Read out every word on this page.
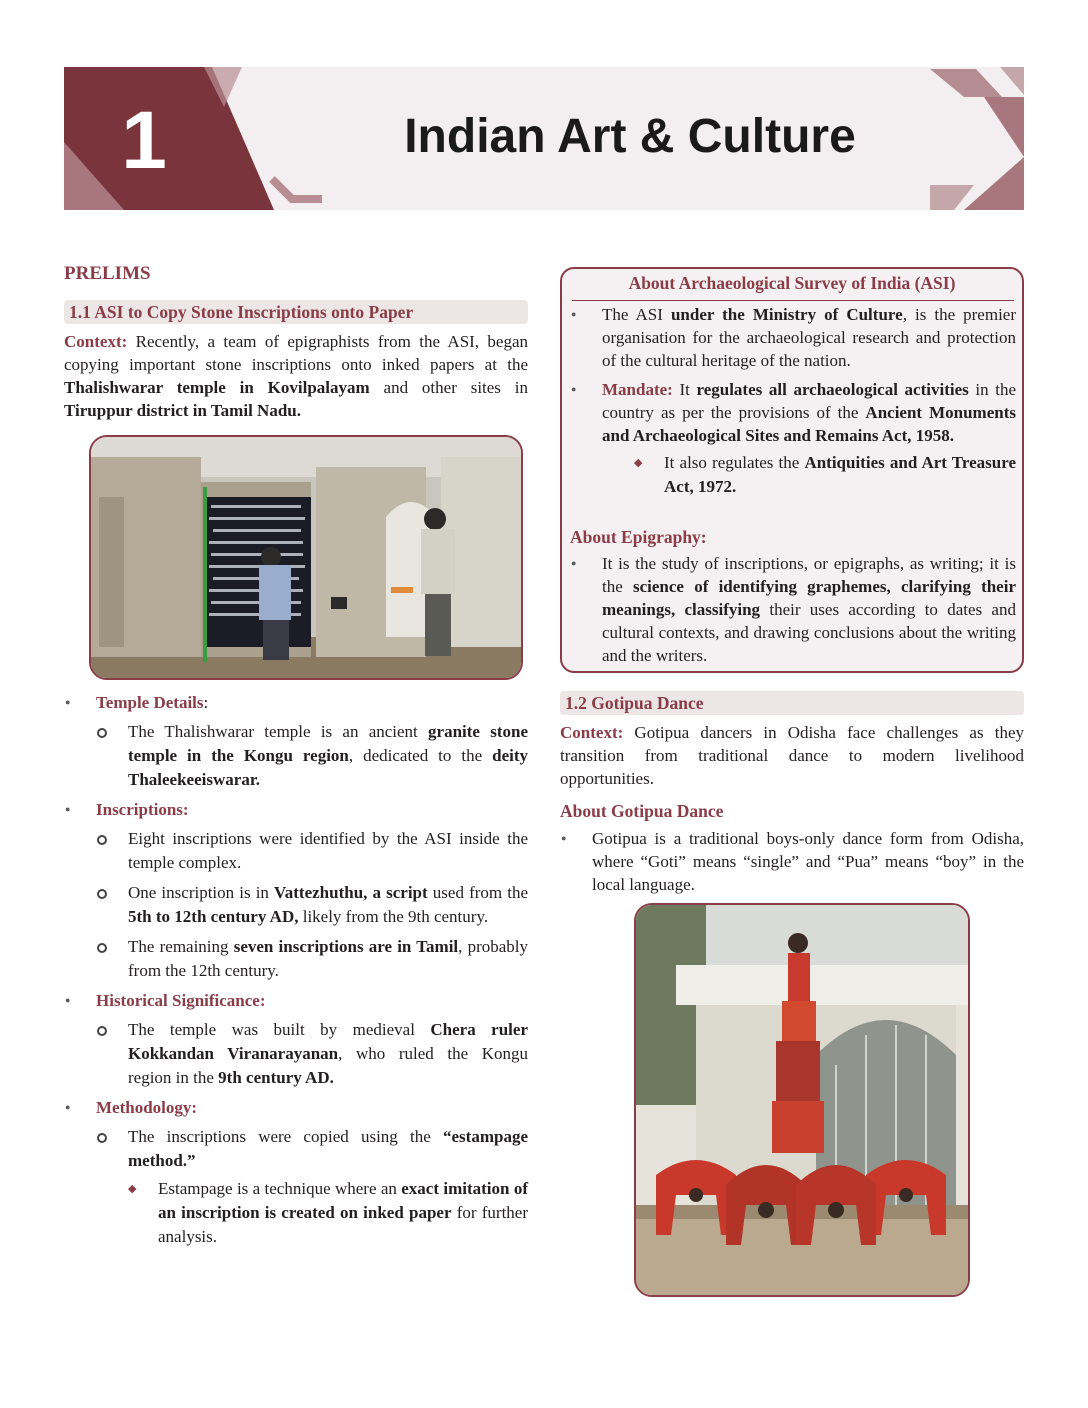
1	Indian Art & Culture
PRELIMS
1.1 ASI to Copy Stone Inscriptions onto Paper

Context: Recently, a team of epigraphists from the ASI, began copying important stone inscriptions onto inked papers at the Thalishwarar temple in Kovilpalayam and other sites in Tiruppur district in Tamil Nadu.

● Temple Details:
The Thalishwarar temple is an ancient granite stone temple in the Kongu region, dedicated to the deity Thaleekeeiswarar.
● Inscriptions:
Eight inscriptions were identified by the ASI inside the temple complex.
One inscription is in Vattezhuthu, a script used from the 5th to 12th century AD, likely from the 9th century.
The remaining seven inscriptions are in Tamil, probably from the 12th century.
● Historical Significance:
The temple was built by medieval Chera ruler Kokkandan Viranarayanan, who ruled the Kongu region in the 9th century AD.
● Methodology:
The inscriptions were copied using the “estampage method.”
◆ Estampage is a technique where an exact imitation of an inscription is created on inked paper for further analysis.
About Archaeological Survey of India (ASI)
● The ASI under the Ministry of Culture, is the premier organisation for the archaeological research and protection of the cultural heritage of the nation.
● Mandate: It regulates all archaeological activities in the country as per the provisions of the Ancient Monuments and Archaeological Sites and Remains Act, 1958.
◆ It also regulates the Antiquities and Art Treasure Act, 1972.
About Epigraphy:
● It is the study of inscriptions, or epigraphs, as writing; it is the science of identifying graphemes, clarifying their meanings, classifying their uses according to dates and cultural contexts, and drawing conclusions about the writing and the writers.
1.2 Gotipua Dance

Context: Gotipua dancers in Odisha face challenges as they transition from traditional dance to modern livelihood opportunities.

About Gotipua Dance
● Gotipua is a traditional boys-only dance form from Odisha, where “Goti” means “single” and “Pua” means “boy” in the local language.
